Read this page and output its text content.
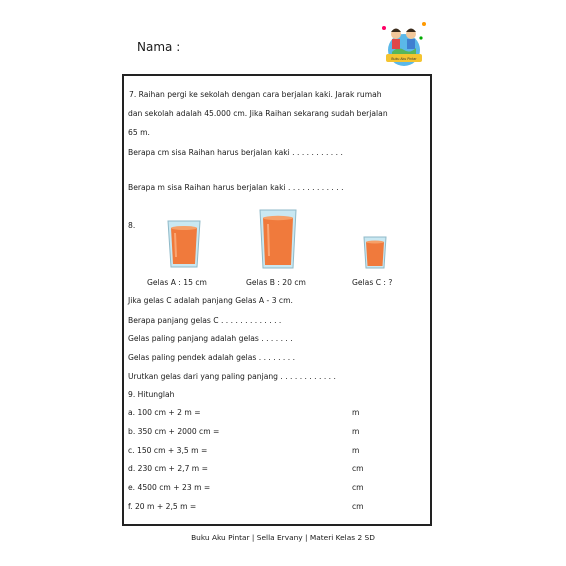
Nama :
Buku Aku Pintar
7. Raihan pergi ke sekolah dengan cara berjalan kaki. Jarak rumah
dan sekolah adalah 45.000 cm. Jika Raihan sekarang sudah berjalan
65 m.
Berapa cm sisa Raihan harus berjalan kaki . . . . . . . . . . .
Berapa m sisa Raihan harus berjalan kaki . . . . . . . . . . . .
8.
Gelas A : 15 cm	Gelas B : 20 cm	Gelas C : ?
Jika gelas C adalah panjang Gelas A - 3 cm.
Berapa panjang gelas C . . . . . . . . . . . . .
Gelas paling panjang adalah gelas . . . . . . .
Gelas paling pendek adalah gelas . . . . . . . .
Urutkan gelas dari yang paling panjang . . . . . . . . . . . .
9. Hitunglah
a. 100 cm + 2 m =	m
b. 350 cm + 2000 cm =	m
c. 150 cm + 3,5 m =	m
d. 230 cm + 2,7 m =	cm
e. 4500 cm + 23 m =	cm
f. 20 m + 2,5 m =	cm
Buku Aku Pintar | Sella Ervany | Materi Kelas 2 SD
